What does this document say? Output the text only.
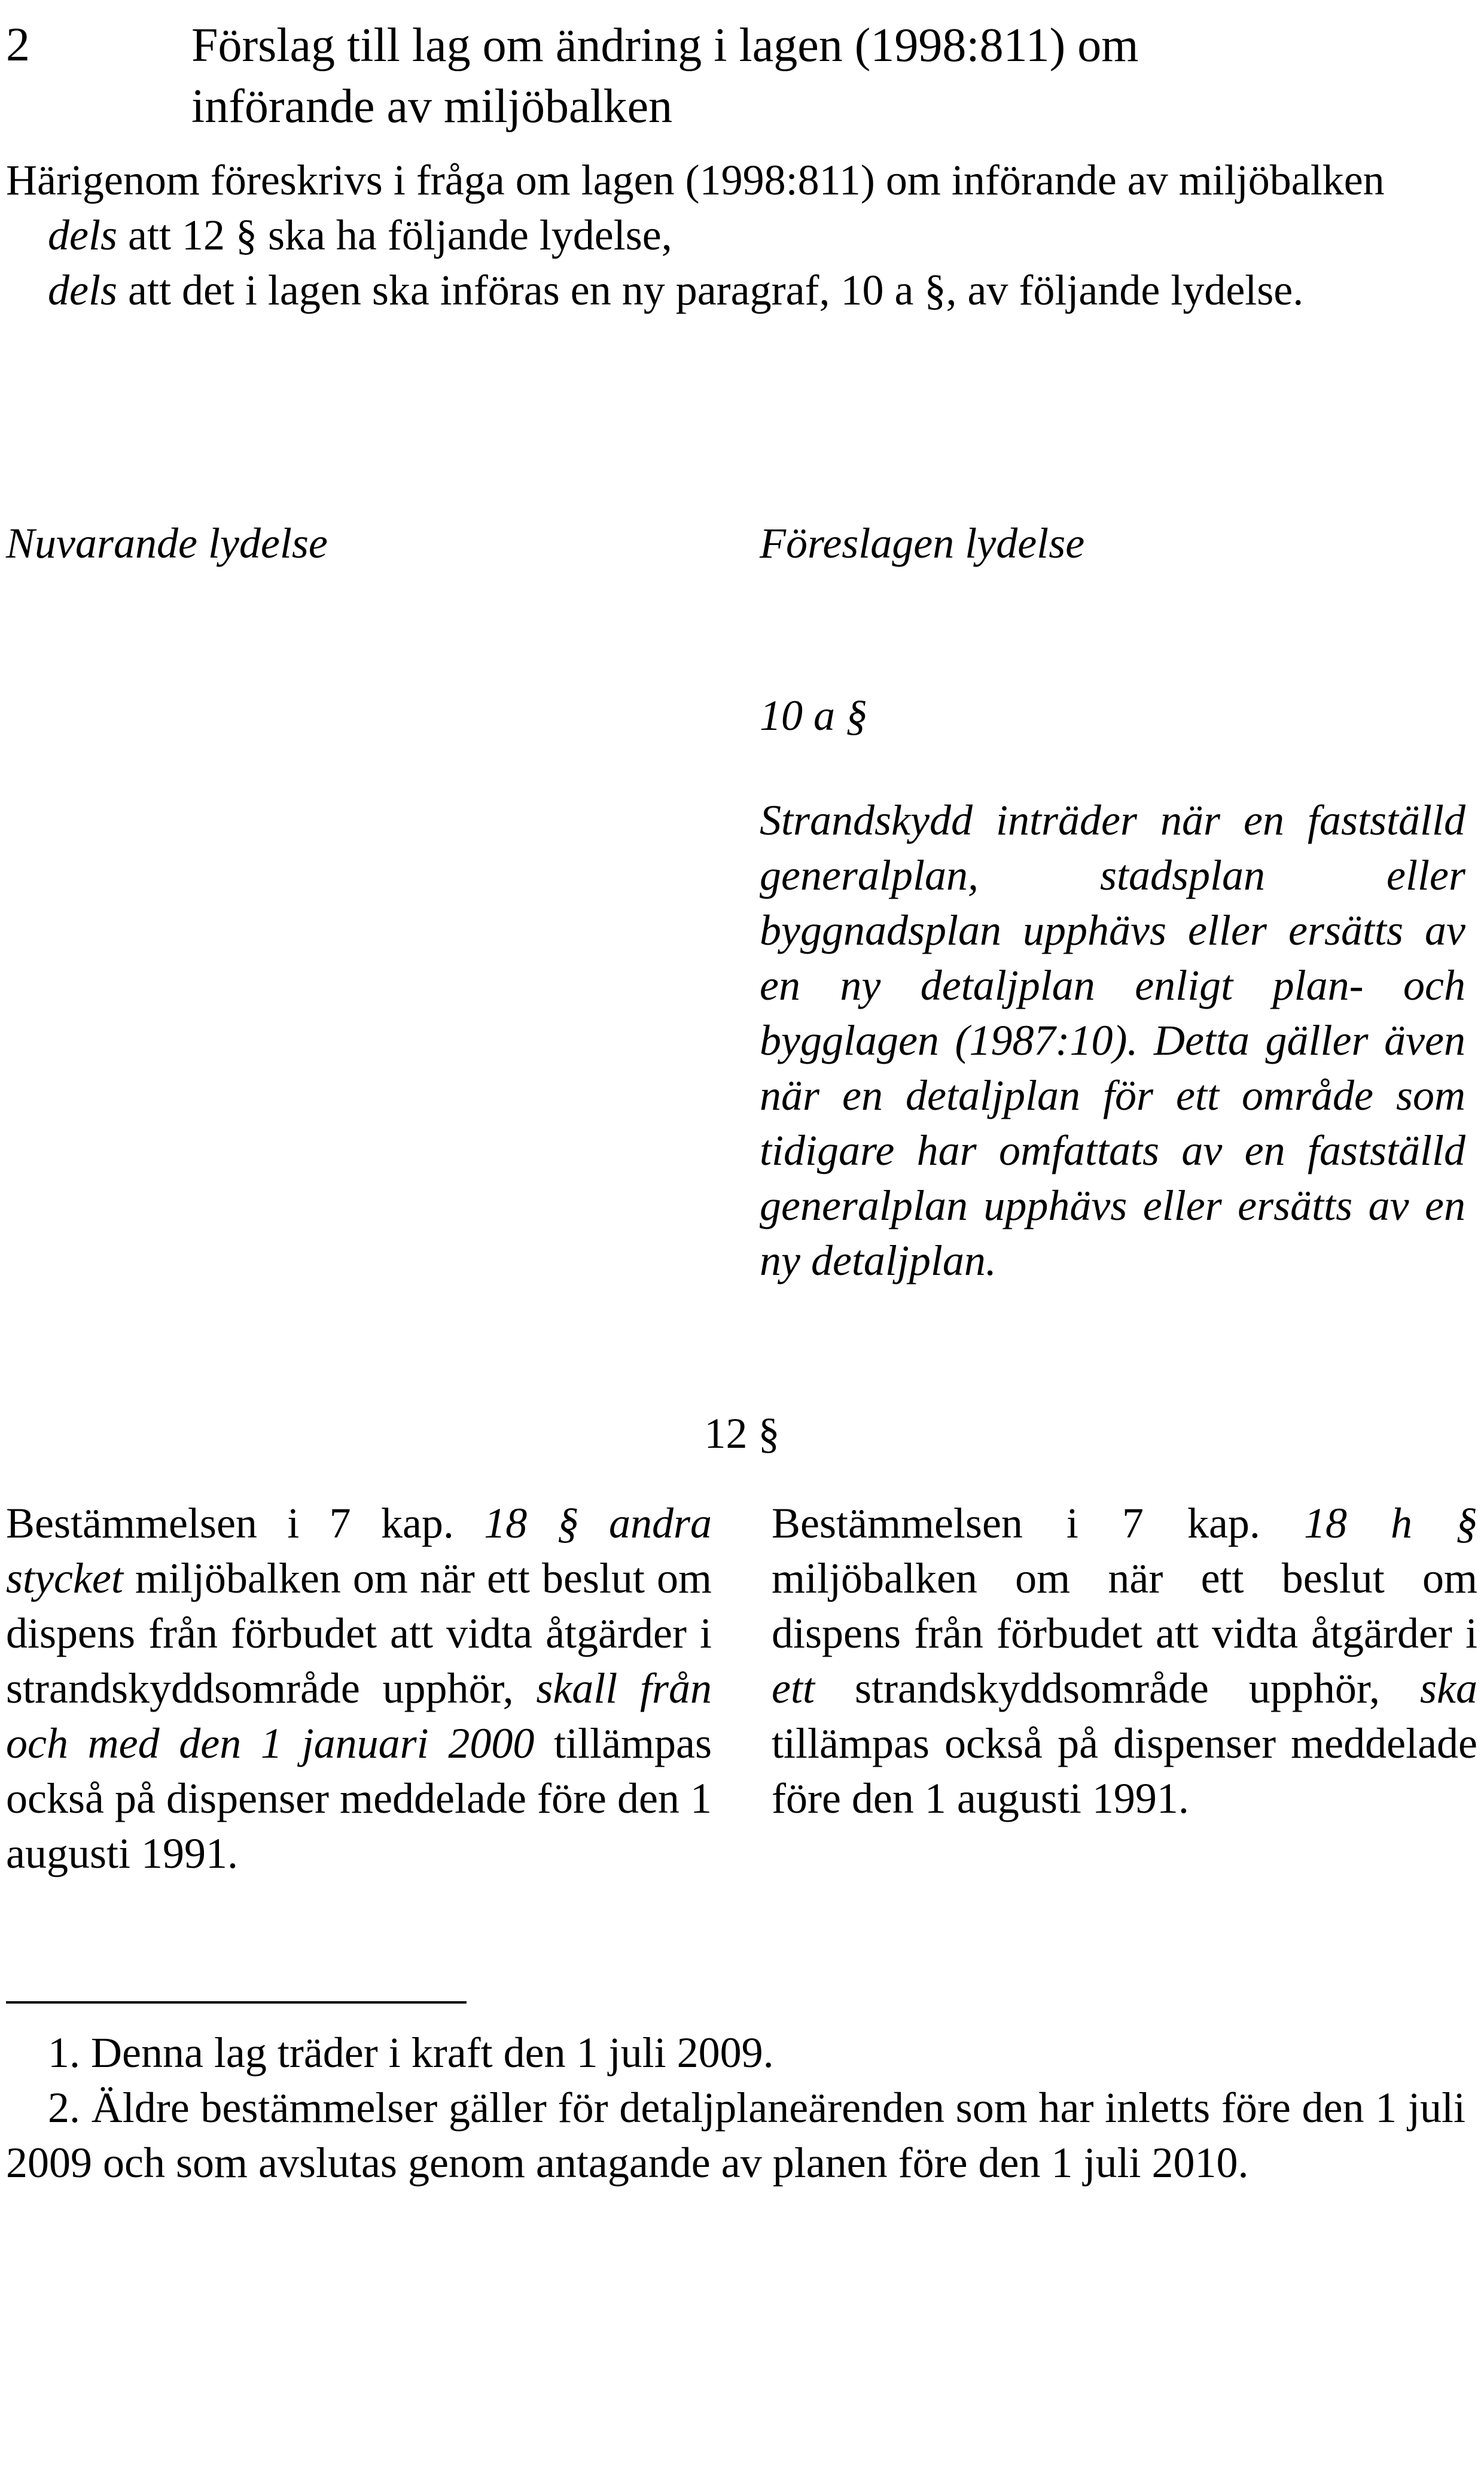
2	Förslag till lag om ändring i lagen (1998:811) om
införande av miljöbalken

Härigenom föreskrivs i fråga om lagen (1998:811) om införande av miljöbalken

dels att 12 § ska ha följande lydelse,

dels att det i lagen ska införas en ny paragraf, 10 a §, av följande lydelse.

Nuvarande lydelse	Föreslagen lydelse
10 a §
Strandskydd inträder när en fastställd generalplan, stadsplan eller byggnadsplan upphävs eller ersätts av en ny detaljplan enligt plan- och bygglagen (1987:10). Detta gäller även när en detaljplan för ett område som tidigare har omfattats av en fastställd generalplan upphävs eller ersätts av en ny detaljplan.
12 §
Bestämmelsen i 7 kap. 18 § andra stycket miljöbalken om när ett beslut om dispens från förbudet att vidta åtgärder i strandskyddsområde upphör, skall från och med den 1 januari 2000 tillämpas också på dispenser meddelade före den 1 augusti 1991.
Bestämmelsen i 7 kap. 18 h § miljöbalken om när ett beslut om dispens från förbudet att vidta åtgärder i ett strandskyddsområde upphör, ska tillämpas också på dispenser meddelade före den 1 augusti 1991.

1. Denna lag träder i kraft den 1 juli 2009.

2. Äldre bestämmelser gäller för detaljplaneärenden som har inletts före den 1 juli 2009 och som avslutas genom antagande av planen före den 1 juli 2010.
